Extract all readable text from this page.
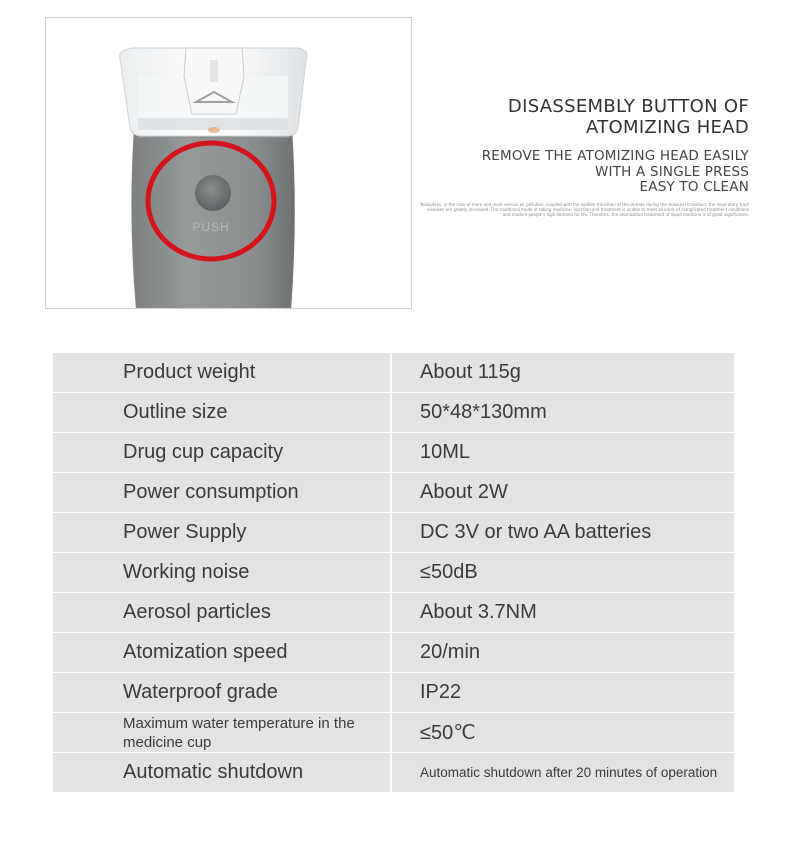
PUSH
DISASSEMBLY BUTTON OF
ATOMIZING HEAD
REMOVE THE ATOMIZING HEAD EASILY
WITH A SINGLE PRESS
EASY TO CLEAN
Nowadays, in the case of more and more serious air pollution, coupled with the sudden transition of the climate during the seasonal transition, the respiratory tract diseases are greatly increased. The traditional mode of taking medicine, injection and treatment is unable to meet all kinds of complicated treatment conditions and modern people's high demand for life. Therefore, the atomization treatment of liquid medicine is of great significance.
Product weight	About 115g
Outline size	50*48*130mm
Drug cup capacity	10ML
Power consumption	About 2W
Power Supply	DC 3V or two AA batteries
Working noise	≤50dB
Aerosol particles	About 3.7NM
Atomization speed	20/min
Waterproof grade	IP22
Maximum water temperature in the medicine cup	≤50℃
Automatic shutdown	Automatic shutdown after 20 minutes of operation
